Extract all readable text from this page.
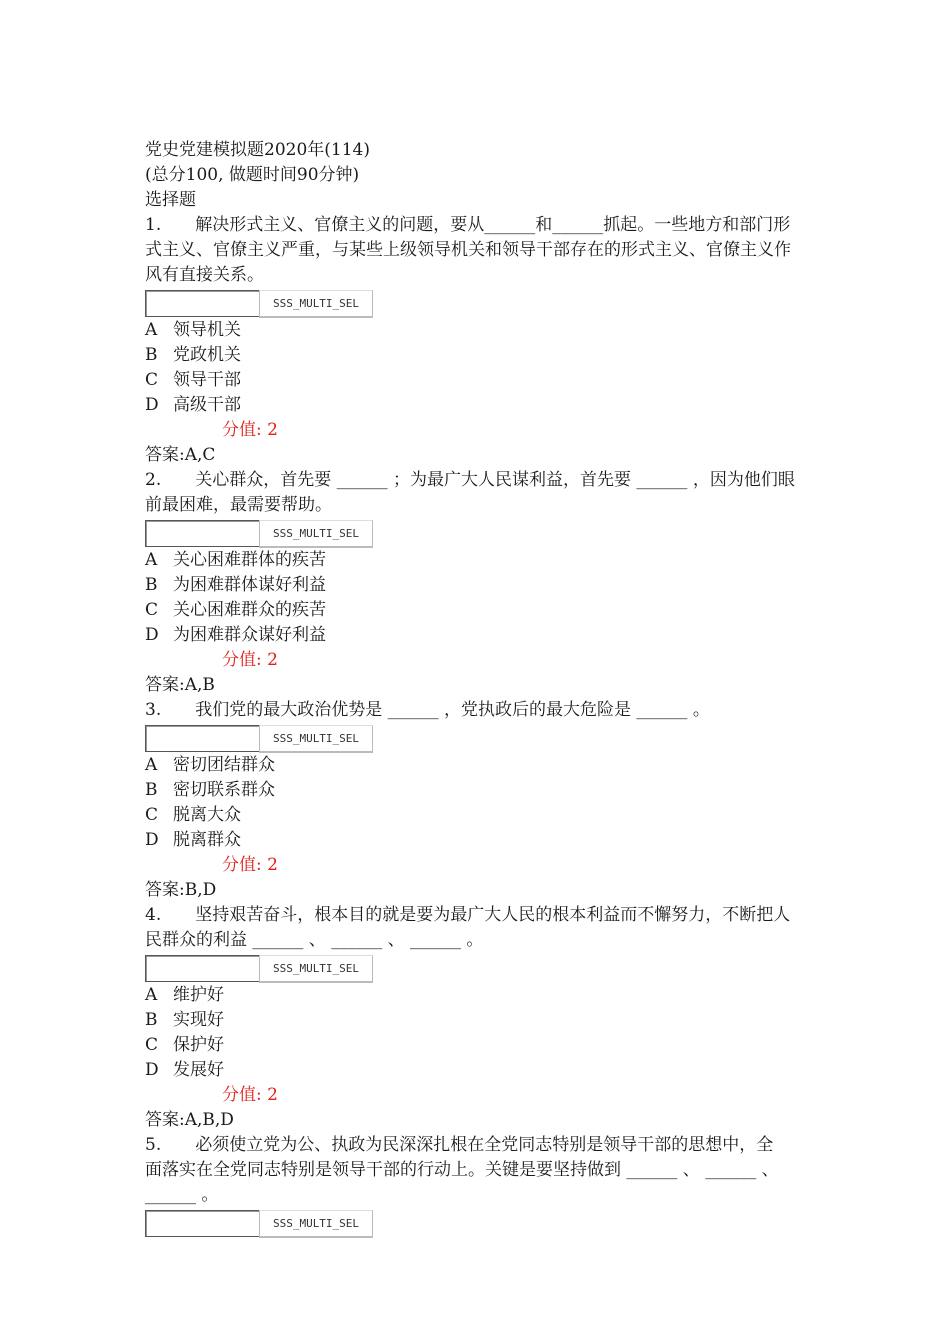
党史党建模拟题2020年(114)
(总分100, 做题时间90分钟)
选择题
1.　　解决形式主义、官僚主义的问题，要从______和______抓起。一些地方和部门形式主义、官僚主义严重，与某些上级领导机关和领导干部存在的形式主义、官僚主义作风有直接关系。
SSS_MULTI_SEL
A 领导机关
B 党政机关
C 领导干部
D 高级干部
分值: 2
答案:A,C
2.　　关心群众，首先要 ______ ；为最广大人民谋利益，首先要 ______ ，因为他们眼前最困难，最需要帮助。
SSS_MULTI_SEL
A 关心困难群体的疾苦
B 为困难群体谋好利益
C 关心困难群众的疾苦
D 为困难群众谋好利益
分值: 2
答案:A,B
3.　　我们党的最大政治优势是 ______ ，党执政后的最大危险是 ______ 。
SSS_MULTI_SEL
A 密切团结群众
B 密切联系群众
C 脱离大众
D 脱离群众
分值: 2
答案:B,D
4.　　坚持艰苦奋斗，根本目的就是要为最广大人民的根本利益而不懈努力，不断把人民群众的利益 ______ 、 ______ 、 ______ 。
SSS_MULTI_SEL
A 维护好
B 实现好
C 保护好
D 发展好
分值: 2
答案:A,B,D
5.　　必须使立党为公、执政为民深深扎根在全党同志特别是领导干部的思想中，全面落实在全党同志特别是领导干部的行动上。关键是要坚持做到 ______ 、 ______ 、 ______ 。
SSS_MULTI_SEL
